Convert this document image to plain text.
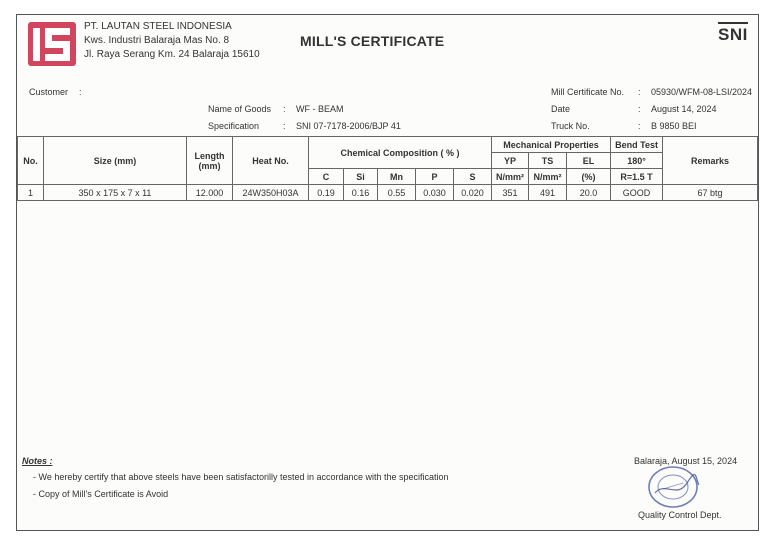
PT. LAUTAN STEEL INDONESIA
Kws. Industri Balaraja Mas No. 8
Jl. Raya Serang Km. 24 Balaraja 15610
MILL'S CERTIFICATE	SNI
Customer :
Name of Goods : WF - BEAM
Specification	: SNI 07-7178-2006/BJP 41
Mill Certificate No. : 05930/WFM-08-LSI/2024
Date	: August 14, 2024
Truck No.	: B 9850 BEI
No.	Size (mm)	Length
(mm)	Heat No.	Chemical Composition ( % )					Mechanical Properties			Bend Test	Remarks
									YP	TS	EL	180°	
				C	Si	Mn	P	S	N/mm²	N/mm²	(%)	R=1.5 T	
1	350 x 175 x 7 x 11	12.000	24W350H03A	0.19	0.16	0.55	0.030	0.020	351	491	20.0	GOOD	67 btg
Notes :
- We hereby certify that above steels have been satisfactorilly tested in accordance with the specification
- Copy of Mill's Certificate is Avoid
Balaraja, August 15, 2024
Quality Control Dept.
